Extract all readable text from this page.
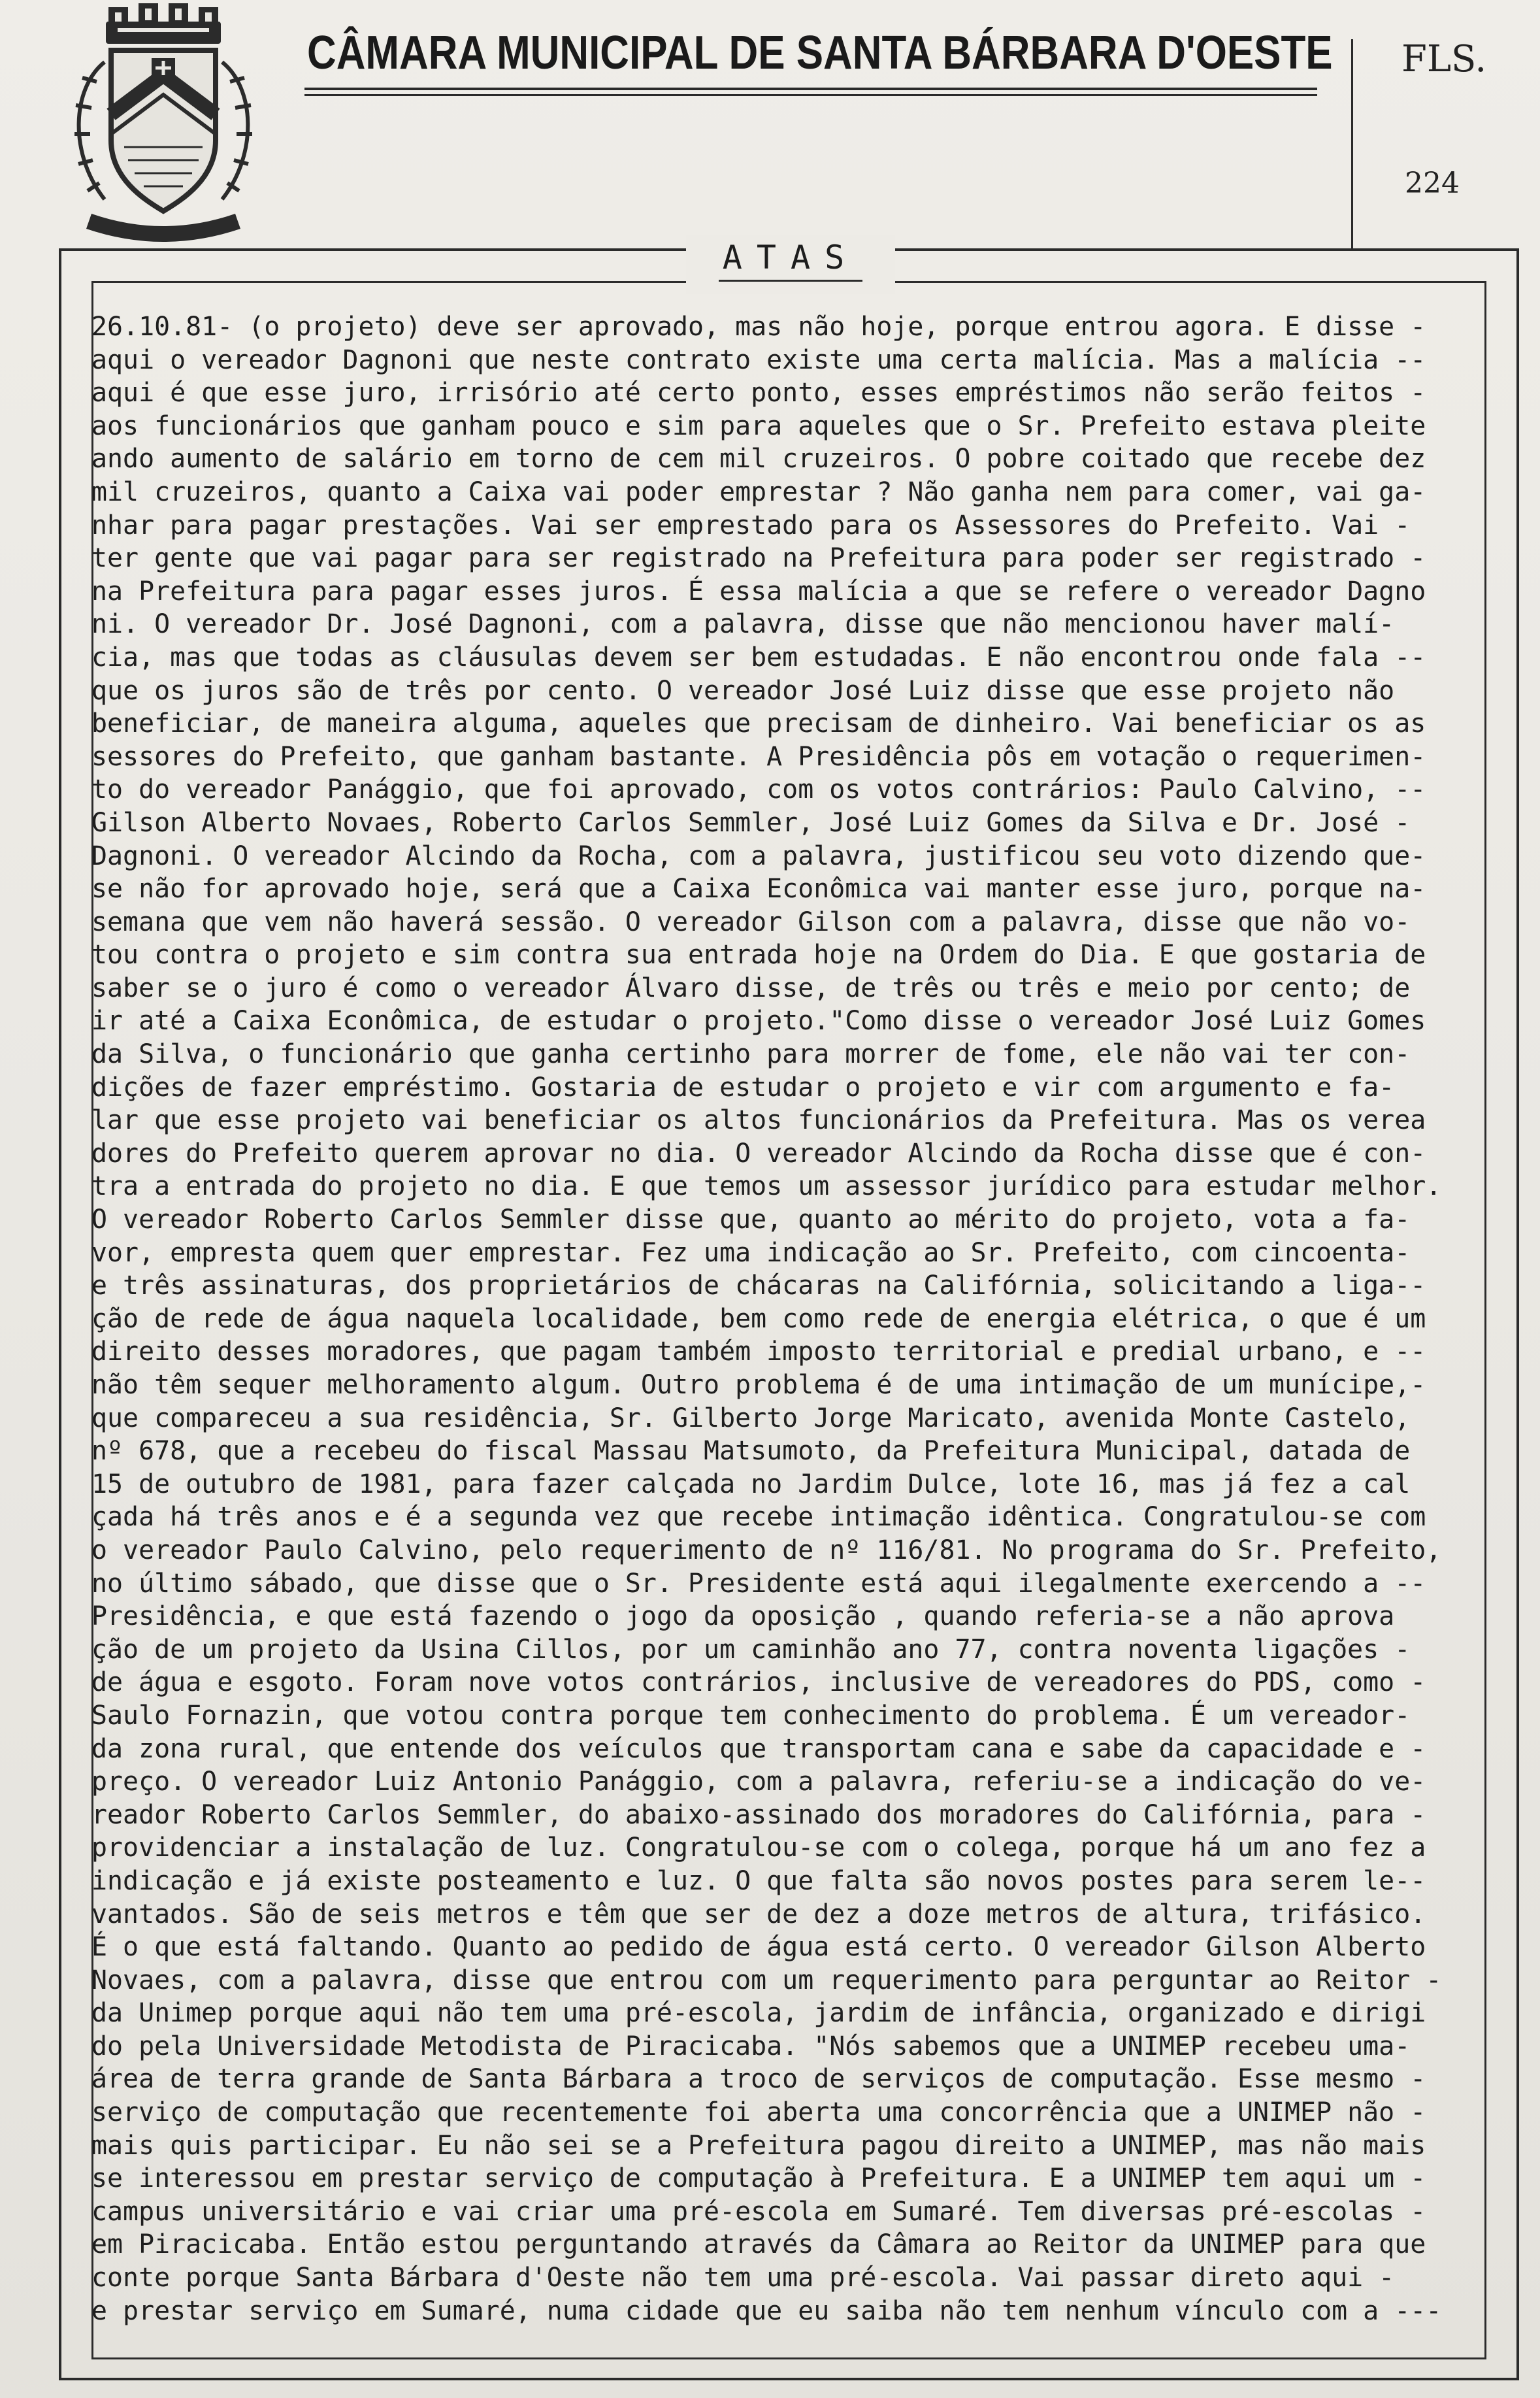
CÂMARA MUNICIPAL DE SANTA BÁRBARA D'OESTE FLS.
224
ATAS
26.10.81- (o projeto) deve ser aprovado, mas não hoje, porque entrou agora. E disse -
aqui o vereador Dagnoni que neste contrato existe uma certa malícia. Mas a malícia --
aqui é que esse juro, irrisório até certo ponto, esses empréstimos não serão feitos -
aos funcionários que ganham pouco e sim para aqueles que o Sr. Prefeito estava pleite
ando aumento de salário em torno de cem mil cruzeiros. O pobre coitado que recebe dez
mil cruzeiros, quanto a Caixa vai poder emprestar ? Não ganha nem para comer, vai ga-
nhar para pagar prestações. Vai ser emprestado para os Assessores do Prefeito. Vai -
ter gente que vai pagar para ser registrado na Prefeitura para poder ser registrado -
na Prefeitura para pagar esses juros. É essa malícia a que se refere o vereador Dagno
ni. O vereador Dr. José Dagnoni, com a palavra, disse que não mencionou haver malí-
cia, mas que todas as cláusulas devem ser bem estudadas. E não encontrou onde fala --
que os juros são de três por cento. O vereador José Luiz disse que esse projeto não
beneficiar, de maneira alguma, aqueles que precisam de dinheiro. Vai beneficiar os as
sessores do Prefeito, que ganham bastante. A Presidência pôs em votação o requerimen-
to do vereador Panággio, que foi aprovado, com os votos contrários: Paulo Calvino, --
Gilson Alberto Novaes, Roberto Carlos Semmler, José Luiz Gomes da Silva e Dr. José -
Dagnoni. O vereador Alcindo da Rocha, com a palavra, justificou seu voto dizendo que-
se não for aprovado hoje, será que a Caixa Econômica vai manter esse juro, porque na-
semana que vem não haverá sessão. O vereador Gilson com a palavra, disse que não vo-
tou contra o projeto e sim contra sua entrada hoje na Ordem do Dia. E que gostaria de
saber se o juro é como o vereador Álvaro disse, de três ou três e meio por cento; de
ir até a Caixa Econômica, de estudar o projeto."Como disse o vereador José Luiz Gomes
da Silva, o funcionário que ganha certinho para morrer de fome, ele não vai ter con-
dições de fazer empréstimo. Gostaria de estudar o projeto e vir com argumento e fa-
lar que esse projeto vai beneficiar os altos funcionários da Prefeitura. Mas os verea
dores do Prefeito querem aprovar no dia. O vereador Alcindo da Rocha disse que é con-
tra a entrada do projeto no dia. E que temos um assessor jurídico para estudar melhor.
O vereador Roberto Carlos Semmler disse que, quanto ao mérito do projeto, vota a fa-
vor, empresta quem quer emprestar. Fez uma indicação ao Sr. Prefeito, com cincoenta-
e três assinaturas, dos proprietários de chácaras na Califórnia, solicitando a liga--
ção de rede de água naquela localidade, bem como rede de energia elétrica, o que é um
direito desses moradores, que pagam também imposto territorial e predial urbano, e --
não têm sequer melhoramento algum. Outro problema é de uma intimação de um munícipe,-
que compareceu a sua residência, Sr. Gilberto Jorge Maricato, avenida Monte Castelo,
nº 678, que a recebeu do fiscal Massau Matsumoto, da Prefeitura Municipal, datada de
15 de outubro de 1981, para fazer calçada no Jardim Dulce, lote 16, mas já fez a cal
çada há três anos e é a segunda vez que recebe intimação idêntica. Congratulou-se com
o vereador Paulo Calvino, pelo requerimento de nº 116/81. No programa do Sr. Prefeito,
no último sábado, que disse que o Sr. Presidente está aqui ilegalmente exercendo a --
Presidência, e que está fazendo o jogo da oposição , quando referia-se a não aprova
ção de um projeto da Usina Cillos, por um caminhão ano 77, contra noventa ligações -
de água e esgoto. Foram nove votos contrários, inclusive de vereadores do PDS, como -
Saulo Fornazin, que votou contra porque tem conhecimento do problema. É um vereador-
da zona rural, que entende dos veículos que transportam cana e sabe da capacidade e -
preço. O vereador Luiz Antonio Panággio, com a palavra, referiu-se a indicação do ve-
reador Roberto Carlos Semmler, do abaixo-assinado dos moradores do Califórnia, para -
providenciar a instalação de luz. Congratulou-se com o colega, porque há um ano fez a
indicação e já existe posteamento e luz. O que falta são novos postes para serem le--
vantados. São de seis metros e têm que ser de dez a doze metros de altura, trifásico.
É o que está faltando. Quanto ao pedido de água está certo. O vereador Gilson Alberto
Novaes, com a palavra, disse que entrou com um requerimento para perguntar ao Reitor -
da Unimep porque aqui não tem uma pré-escola, jardim de infância, organizado e dirigi
do pela Universidade Metodista de Piracicaba. "Nós sabemos que a UNIMEP recebeu uma-
área de terra grande de Santa Bárbara a troco de serviços de computação. Esse mesmo -
serviço de computação que recentemente foi aberta uma concorrência que a UNIMEP não -
mais quis participar. Eu não sei se a Prefeitura pagou direito a UNIMEP, mas não mais
se interessou em prestar serviço de computação à Prefeitura. E a UNIMEP tem aqui um -
campus universitário e vai criar uma pré-escola em Sumaré. Tem diversas pré-escolas -
em Piracicaba. Então estou perguntando através da Câmara ao Reitor da UNIMEP para que
conte porque Santa Bárbara d'Oeste não tem uma pré-escola. Vai passar direto aqui -
e prestar serviço em Sumaré, numa cidade que eu saiba não tem nenhum vínculo com a ---
